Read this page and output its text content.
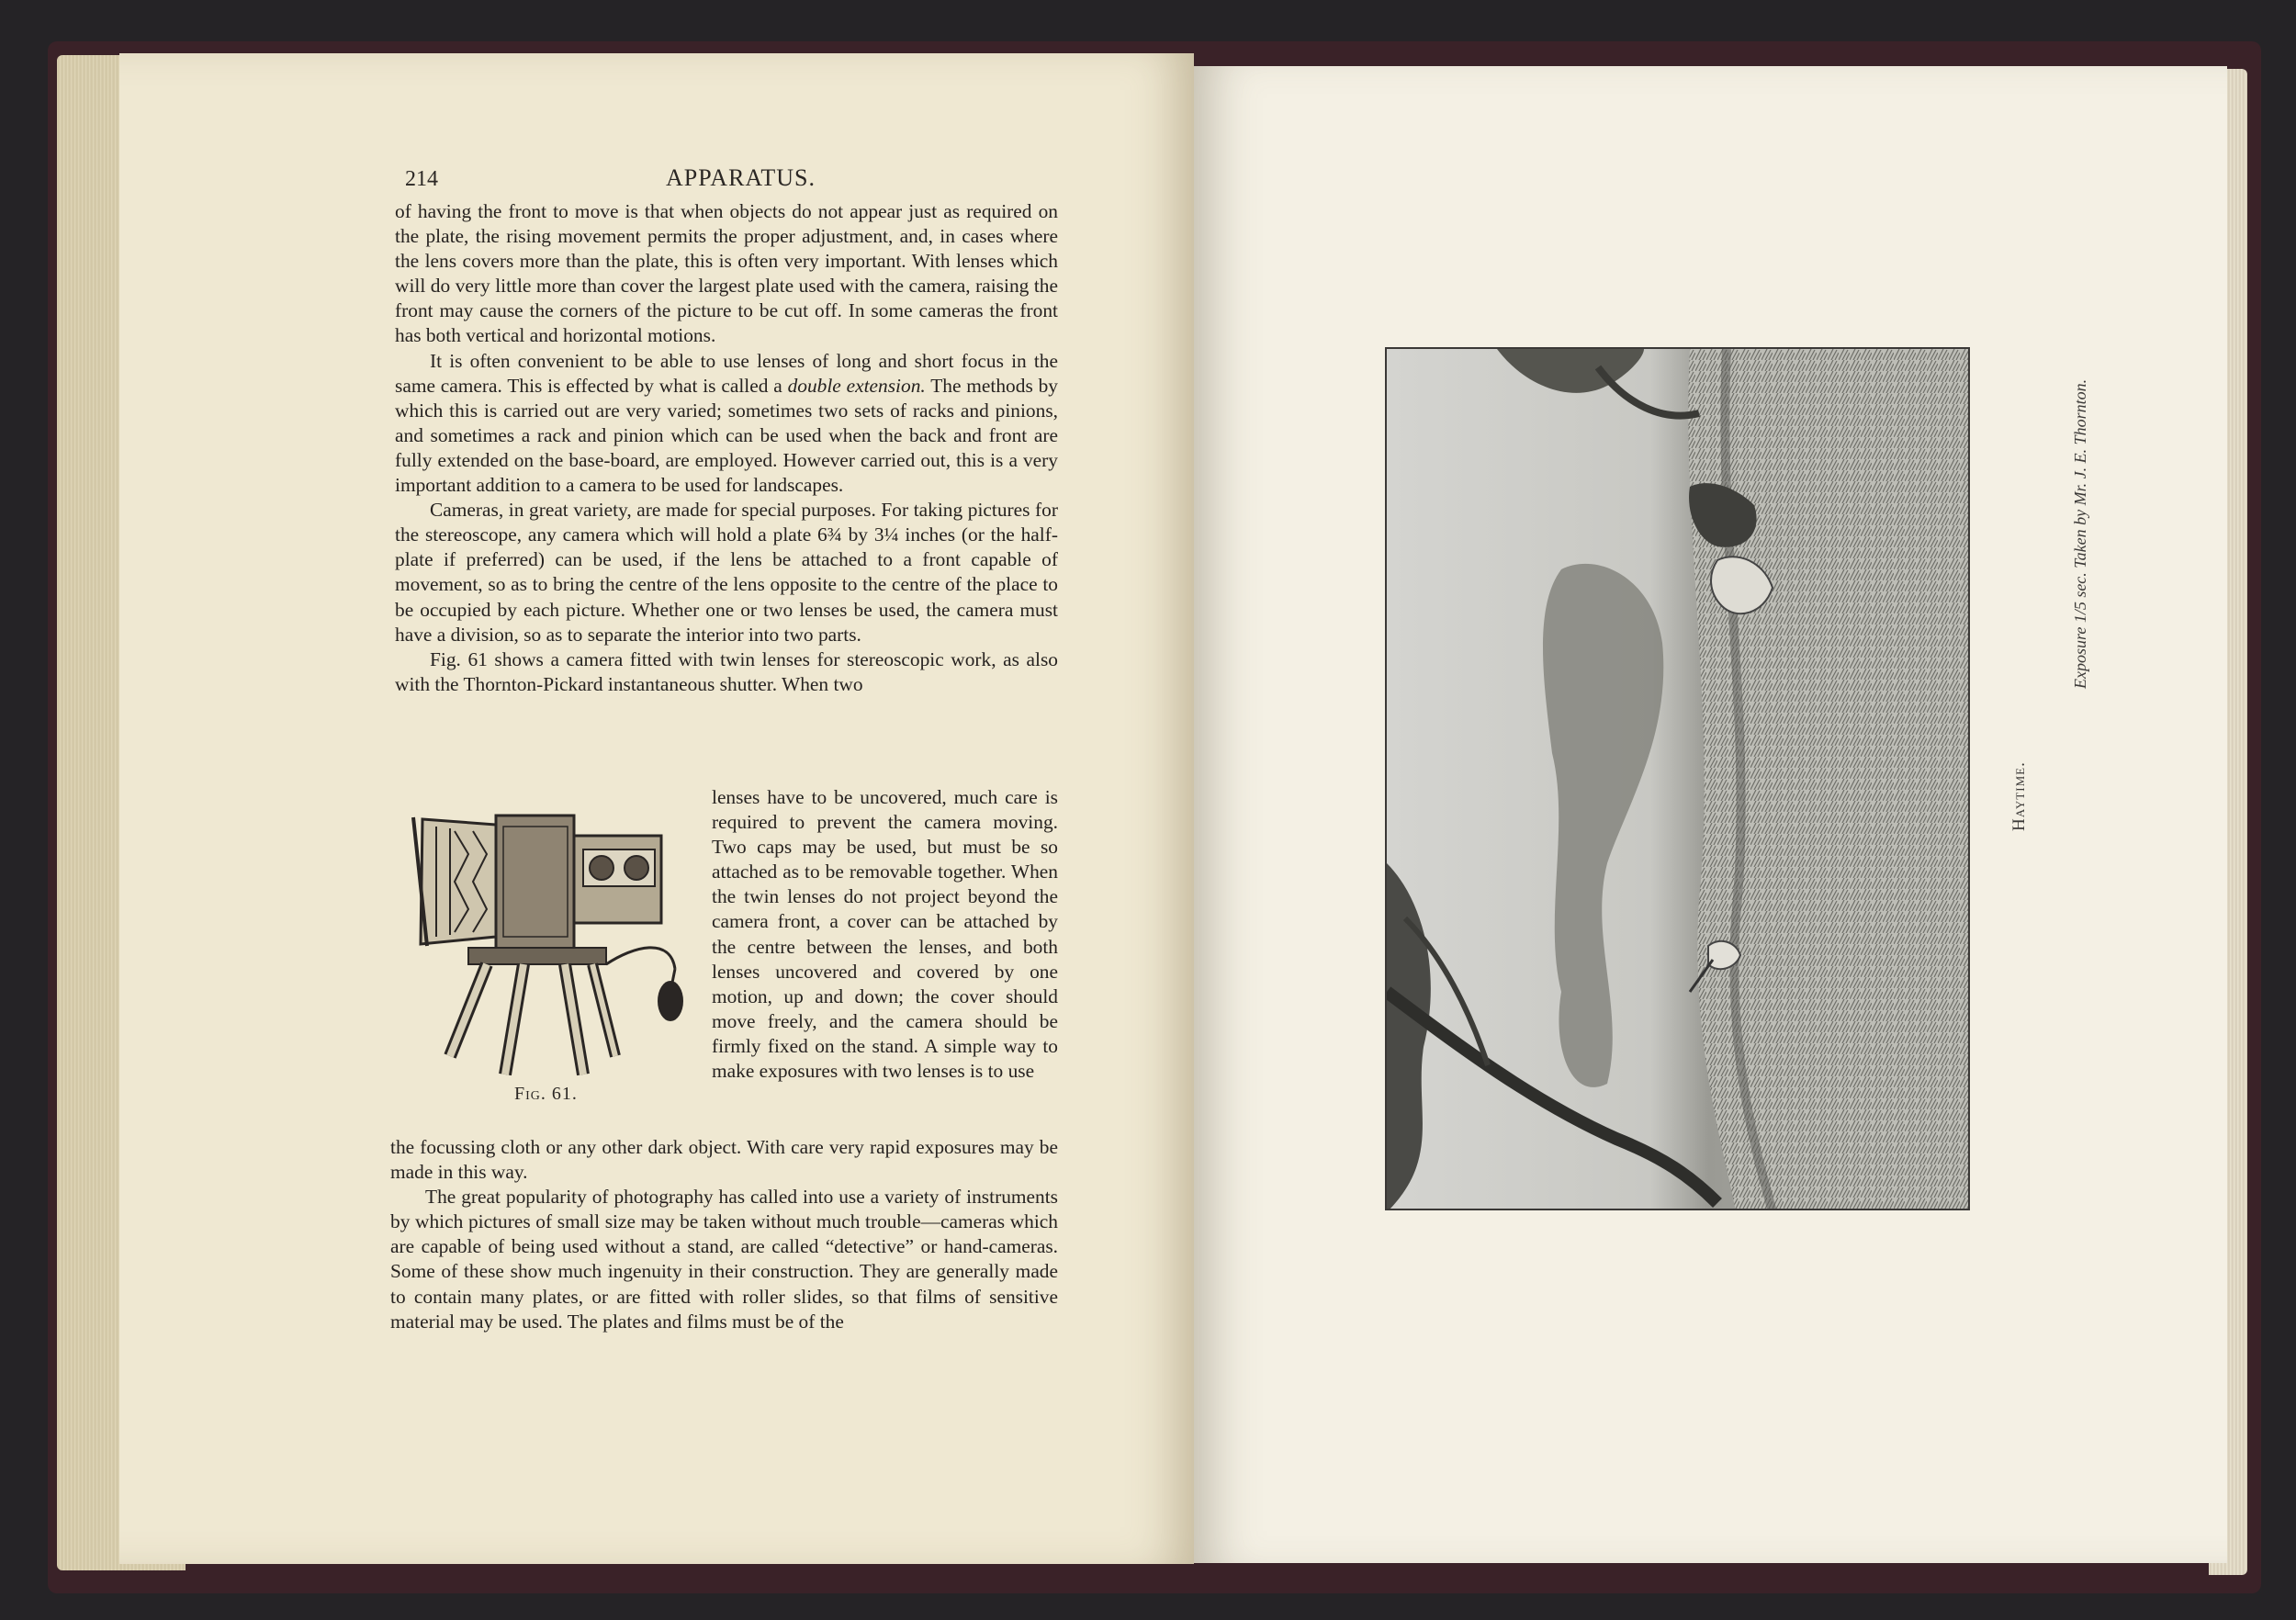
214	APPARATUS.

of having the front to move is that when objects do not appear just as required on the plate, the rising movement permits the proper adjustment, and, in cases where the lens covers more than the plate, this is often very important. With lenses which will do very little more than cover the largest plate used with the camera, raising the front may cause the corners of the picture to be cut off. In some cameras the front has both vertical and horizontal motions.

It is often convenient to be able to use lenses of long and short focus in the same camera. This is effected by what is called a double extension. The methods by which this is carried out are very varied; sometimes two sets of racks and pinions, and sometimes a rack and pinion which can be used when the back and front are fully extended on the base-board, are employed. However carried out, this is a very important addition to a camera to be used for landscapes.

Cameras, in great variety, are made for special purposes. For taking pictures for the stereoscope, any camera which will hold a plate 6¾ by 3¼ inches (or the half-plate if preferred) can be used, if the lens be attached to a front capable of movement, so as to bring the centre of the lens opposite to the centre of the place to be occupied by each picture. Whether one or two lenses be used, the camera must have a division, so as to separate the interior into two parts.

Fig. 61 shows a camera fitted with twin lenses for stereoscopic work, as also with the Thornton-Pickard instantaneous shutter. When two

Fig. 61.
lenses have to be uncovered, much care is required to prevent the camera moving. Two caps may be used, but must be so attached as to be removable together. When the twin lenses do not project beyond the camera front, a cover can be attached by the centre between the lenses, and both lenses uncovered and covered by one motion, up and down; the cover should move freely, and the camera should be firmly fixed on the stand. A simple way to make exposures with two lenses is to use

the focussing cloth or any other dark object. With care very rapid exposures may be made in this way.

The great popularity of photography has called into use a variety of instruments by which pictures of small size may be taken without much trouble—cameras which are capable of being used without a stand, are called “detective” or hand-cameras. Some of these show much ingenuity in their construction. They are generally made to contain many plates, or are fitted with roller slides, so that films of sensitive material may be used. The plates and films must be of the

Haytime.
Exposure 1/5 sec. Taken by Mr. J. E. Thornton.
